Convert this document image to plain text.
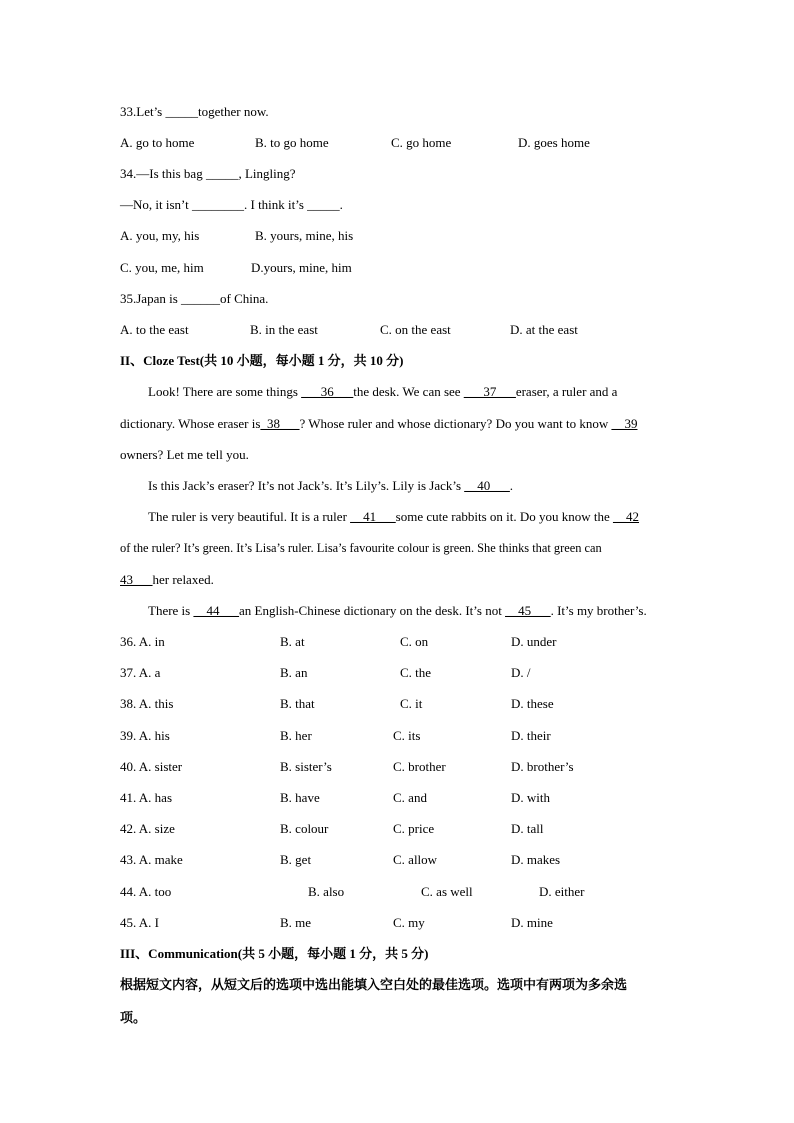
33.Let’s _____together now.
A. go to home	B. to go home	C. go home	D. goes home
34.—Is this bag _____, Lingling?
—No, it isn’t ________. I think it’s _____.
A. you, my, his	B. yours, mine, his
C. you, me, him	D.yours, mine, him
35.Japan is ______of China.
A. to the east	B. in the east	C. on the east	D. at the east
II、Cloze Test(共 10 小题，每小题 1 分，共 10 分)
Look! There are some things ___36___the desk. We can see ___37___eraser, a ruler and a
dictionary. Whose eraser is_38___? Whose ruler and whose dictionary? Do you want to know __39
owners? Let me tell you.
Is this Jack’s eraser? It’s not Jack’s. It’s Lily’s. Lily is Jack’s __40___.
The ruler is very beautiful. It is a ruler __41___some cute rabbits on it. Do you know the __42
of the ruler? It’s green. It’s Lisa’s ruler. Lisa’s favourite colour is green. She thinks that green can
43___her relaxed.
There is __44___an English-Chinese dictionary on the desk. It’s not __45___. It’s my brother’s.
36. A. in	B. at	C. on	D. under
37. A. a	B. an	C. the	D. /
38. A. this	B. that	C. it	D. these
39. A. his	B. her	C. its	D. their
40. A. sister	B. sister’s	C. brother	D. brother’s
41. A. has	B. have	C. and	D. with
42. A. size	B. colour	C. price	D. tall
43. A. make	B. get	C. allow	D. makes
44. A. too	B. also	C. as well	D. either
45. A. I	B. me	C. my	D. mine
III、Communication(共 5 小题，每小题 1 分，共 5 分)
根据短文内容，从短文后的选项中选出能填入空白处的最佳选项。选项中有两项为多余选
项。
